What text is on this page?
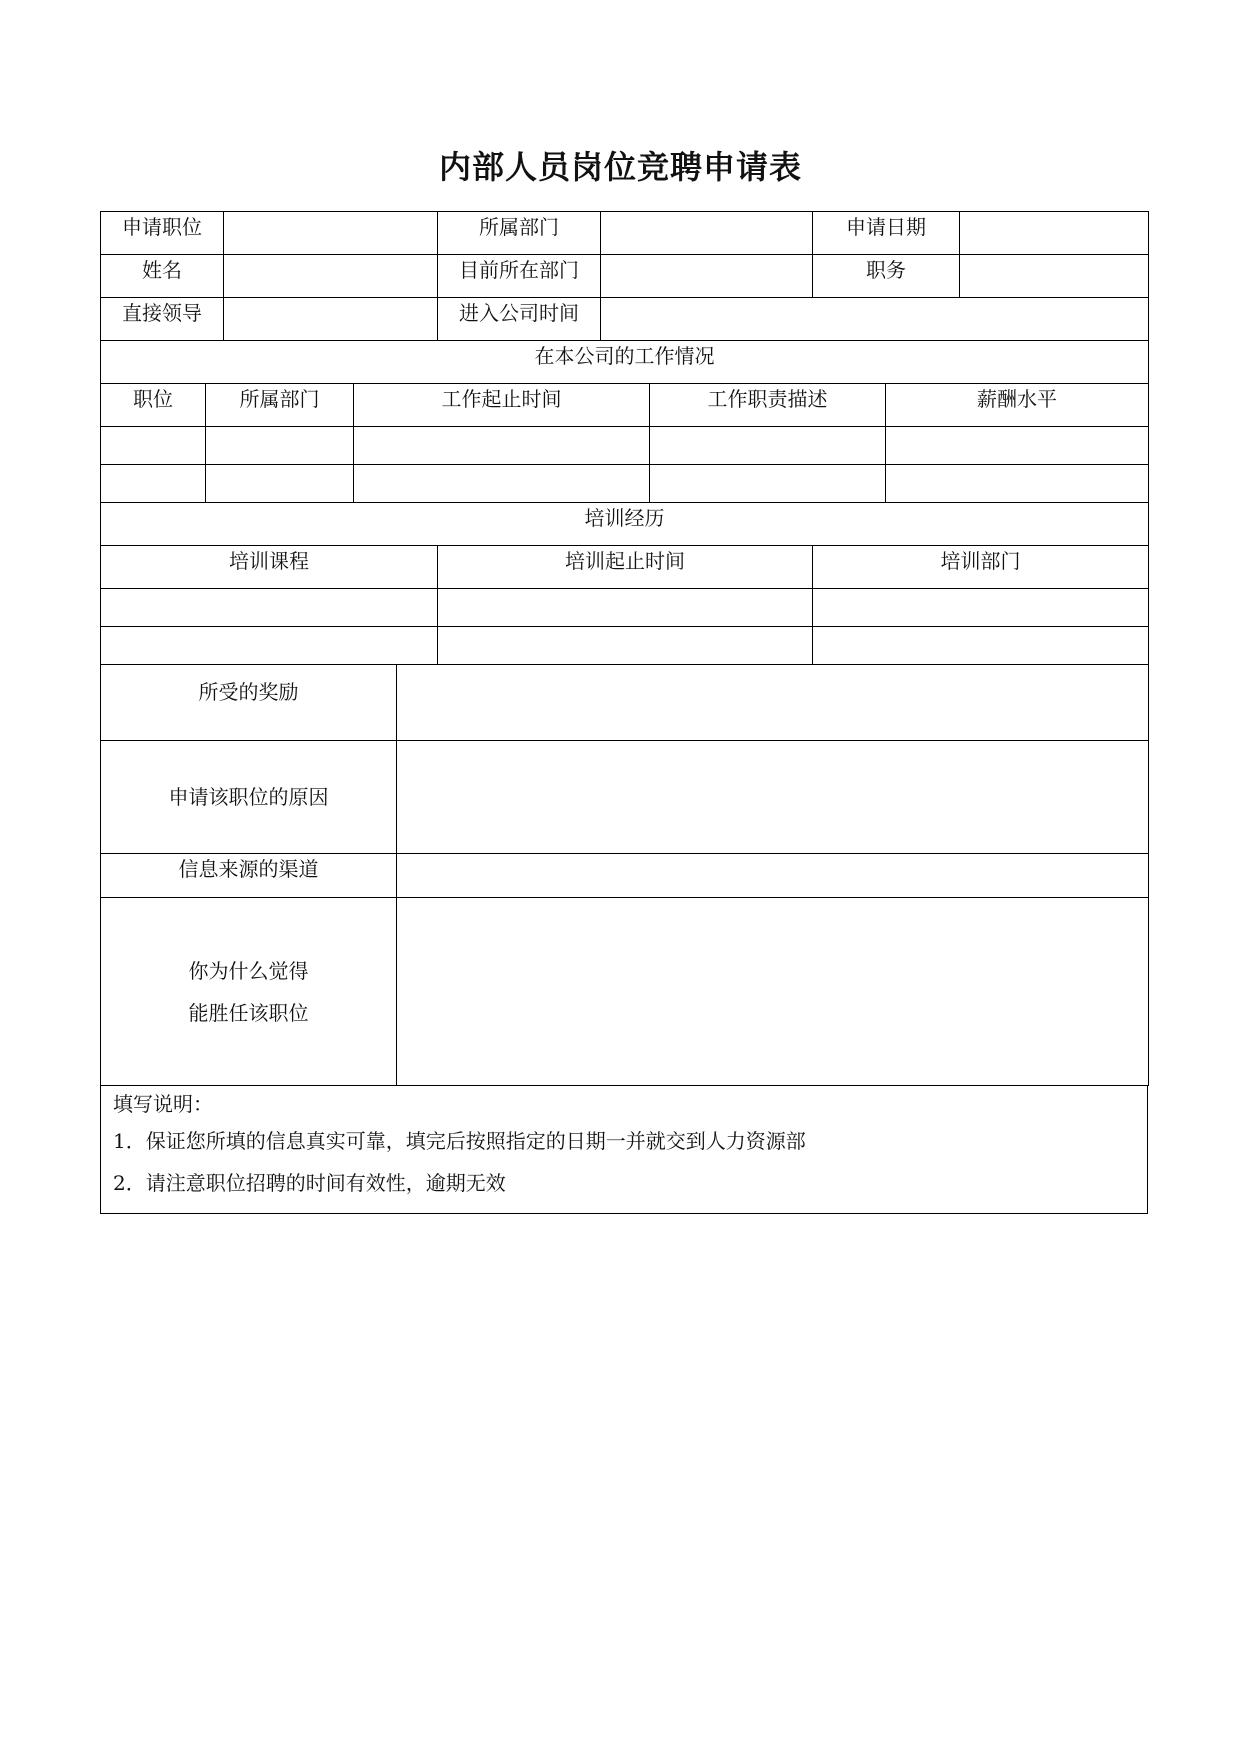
内部人员岗位竞聘申请表
申请职位		所属部门		申请日期	
姓名		目前所在部门		职务	
直接领导		进入公司时间			
在本公司的工作情况				
职位	所属部门	工作起止时间	工作职责描述	薪酬水平

培训经历		
培训课程	培训起止时间	培训部门

所受的奖励	
申请该职位的原因	
信息来源的渠道	

你为什么觉得
能胜任该职位	

填写说明：
1．保证您所填的信息真实可靠，填完后按照指定的日期一并就交到人力资源部
2．请注意职位招聘的时间有效性，逾期无效
